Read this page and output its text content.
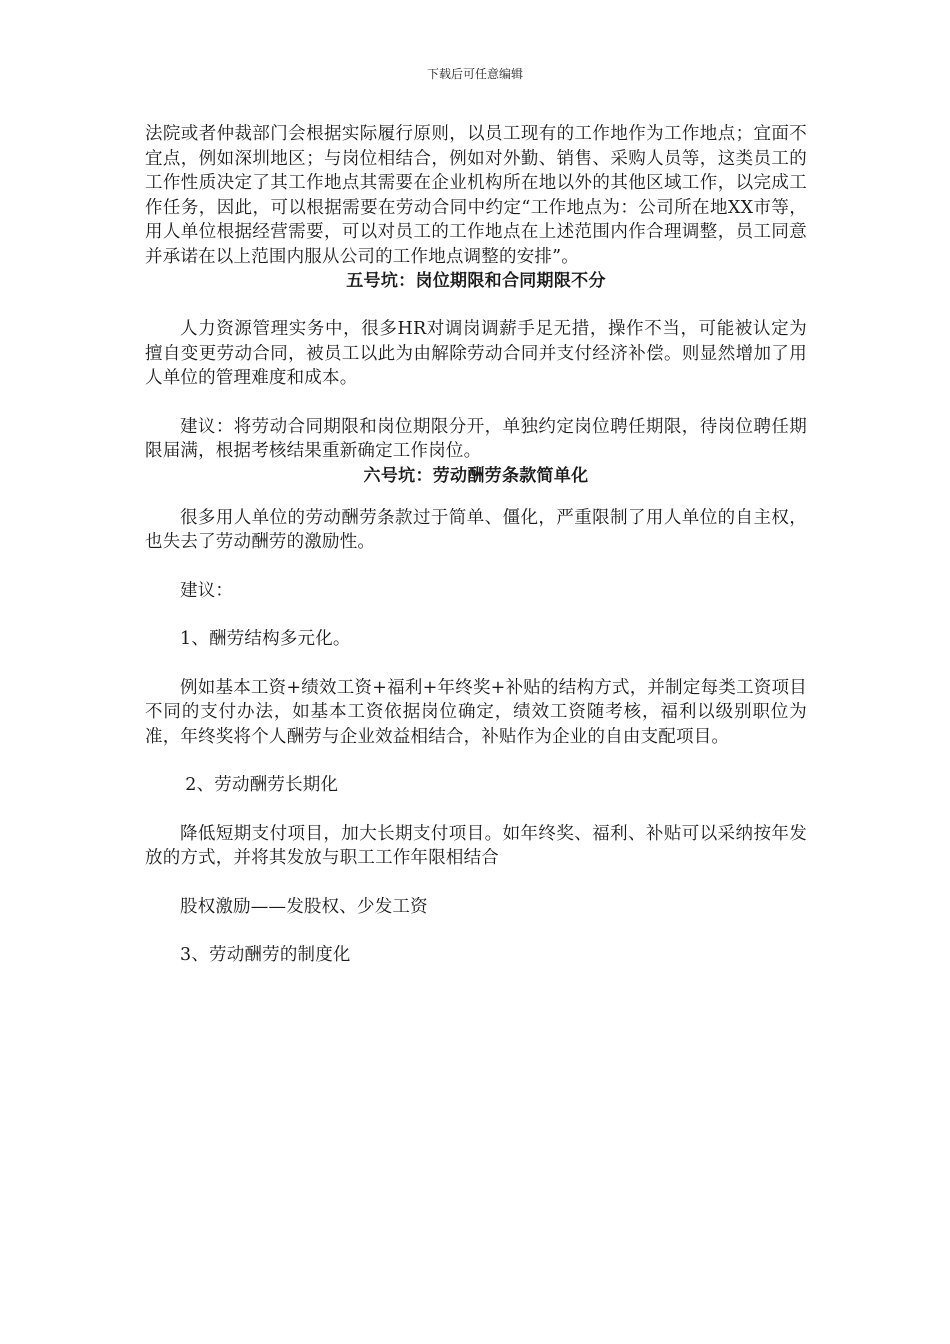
下载后可任意编辑

法院或者仲裁部门会根据实际履行原则，以员工现有的工作地作为工作地点；宜面不宜点，例如深圳地区；与岗位相结合，例如对外勤、销售、采购人员等，这类员工的工作性质决定了其工作地点其需要在企业机构所在地以外的其他区域工作，以完成工作任务，因此，可以根据需要在劳动合同中约定“工作地点为：公司所在地XX市等，用人单位根据经营需要，可以对员工的工作地点在上述范围内作合理调整，员工同意并承诺在以上范围内服从公司的工作地点调整的安排”。

五号坑：岗位期限和合同期限不分

人力资源管理实务中，很多HR对调岗调薪手足无措，操作不当，可能被认定为擅自变更劳动合同，被员工以此为由解除劳动合同并支付经济补偿。则显然增加了用人单位的管理难度和成本。

建议：将劳动合同期限和岗位期限分开，单独约定岗位聘任期限，待岗位聘任期限届满，根据考核结果重新确定工作岗位。

六号坑：劳动酬劳条款简单化

很多用人单位的劳动酬劳条款过于简单、僵化，严重限制了用人单位的自主权，也失去了劳动酬劳的激励性。

建议：

1、酬劳结构多元化。

例如基本工资+绩效工资+福利+年终奖+补贴的结构方式，并制定每类工资项目不同的支付办法，如基本工资依据岗位确定，绩效工资随考核，福利以级别职位为准，年终奖将个人酬劳与企业效益相结合，补贴作为企业的自由支配项目。

2、劳动酬劳长期化

降低短期支付项目，加大长期支付项目。如年终奖、福利、补贴可以采纳按年发放的方式，并将其发放与职工工作年限相结合

股权激励——发股权、少发工资

3、劳动酬劳的制度化
